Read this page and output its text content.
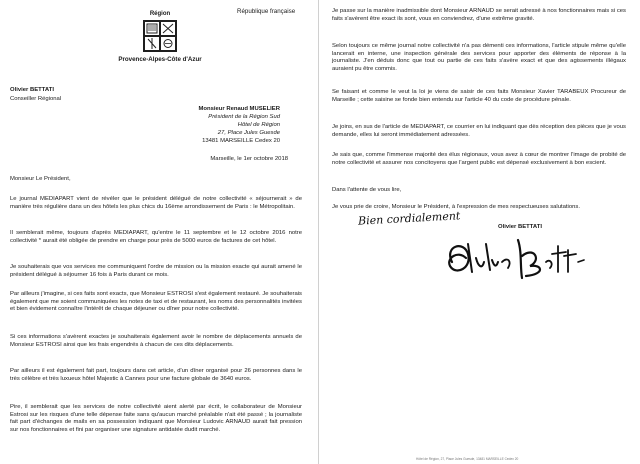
Région

Provence-Alpes-Côte d'Azur

République française

Olivier BETTATI

Conseiller Régional

Monsieur Renaud MUSELIER

Président de la Région Sud

Hôtel de Région

27, Place Jules Guesde

13481 MARSEILLE Cedex 20

Marseille, le 1er octobre 2018

Monsieur Le Président,

Le journal MEDIAPART vient de révéler que le président délégué de notre collectivité « séjournerait » de manière très régulière dans un des hôtels les plus chics du 16ème arrondissement de Paris : le Métropolitain.

Il semblerait même, toujours d'après MEDIAPART, qu'entre le 11 septembre et le 12 octobre 2016 notre collectivité * aurait été obligée de prendre en charge pour près de 5000 euros de factures de cet hôtel.

Je souhaiterais que vos services me communiquent l'ordre de mission ou la mission exacte qui aurait amené le président délégué à séjourner 16 fois à Paris durant ce mois.

Par ailleurs j'imagine, si ces faits sont exacts, que Monsieur ESTROSI s'est également restauré. Je souhaiterais également que me soient communiquées les notes de taxi et de restaurant, les noms des personnalités invitées et bien évidement connaître l'intérêt de chaque déjeuner ou dîner pour notre collectivité.

Si ces informations s'avèrent exactes je souhaiterais également avoir le nombre de déplacements annuels de Monsieur ESTROSI ainsi que les frais engendrés à chacun de ces dits déplacements.

Par ailleurs il est également fait part, toujours dans cet article, d'un dîner organisé pour 26 personnes dans le très célèbre et très luxueux hôtel Majestic à Cannes pour une facture globale de 3640 euros.

Pire, il semblerait que les services de notre collectivité aient alerté par écrit, le collaborateur de Monsieur Estrosi sur les risques d'une telle dépense faite sans qu'aucun marché préalable n'ait été passé ; la journaliste fait part d'échanges de mails en sa possession indiquant que Monsieur Ludovic ARNAUD aurait fait pression sur nos fonctionnaires et fini par organiser une signature antidatée dudit marché.

Je passe sur la manière inadmissible dont Monsieur ARNAUD se serait adressé à nos fonctionnaires mais si ces faits s'avèrent être exact ils sont, vous en conviendrez, d'une extrême gravité.

Selon toujours ce même journal notre collectivité n'a pas démenti ces informations, l'article stipule même qu'elle lancerait en interne, une inspection générale des services pour apporter des éléments de réponse à la journaliste. J'en déduis donc que tout ou partie de ces faits s'avère exact et que des agissements illégaux auraient pu être commis.

Se faisant et comme le veut la loi je viens de saisir de ces faits Monsieur Xavier TARABEUX Procureur de Marseille ; cette saisine se fonde bien entendu sur l'article 40 du code de procédure pénale.

Je joins, en sus de l'article de MEDIAPART, ce courrier en lui indiquant que dès réception des pièces que je vous demande, elles lui seront immédiatement adressées.

Je sais que, comme l'immense majorité des élus régionaux, vous avez à cœur de montrer l'image de probité de notre collectivité et assurer nos concitoyens que l'argent public est dépensé exclusivement à bon escient.

Dans l'attente de vous lire,

Je vous prie de croire, Monsieur le Président, à l'expression de mes respectueuses salutations.

Bien cordialement	Olivier BETTATI

Olivier Bettati

Hôtel de Région, 27, Place Jules Guesde, 13481 MARSEILLE Cedex 20
